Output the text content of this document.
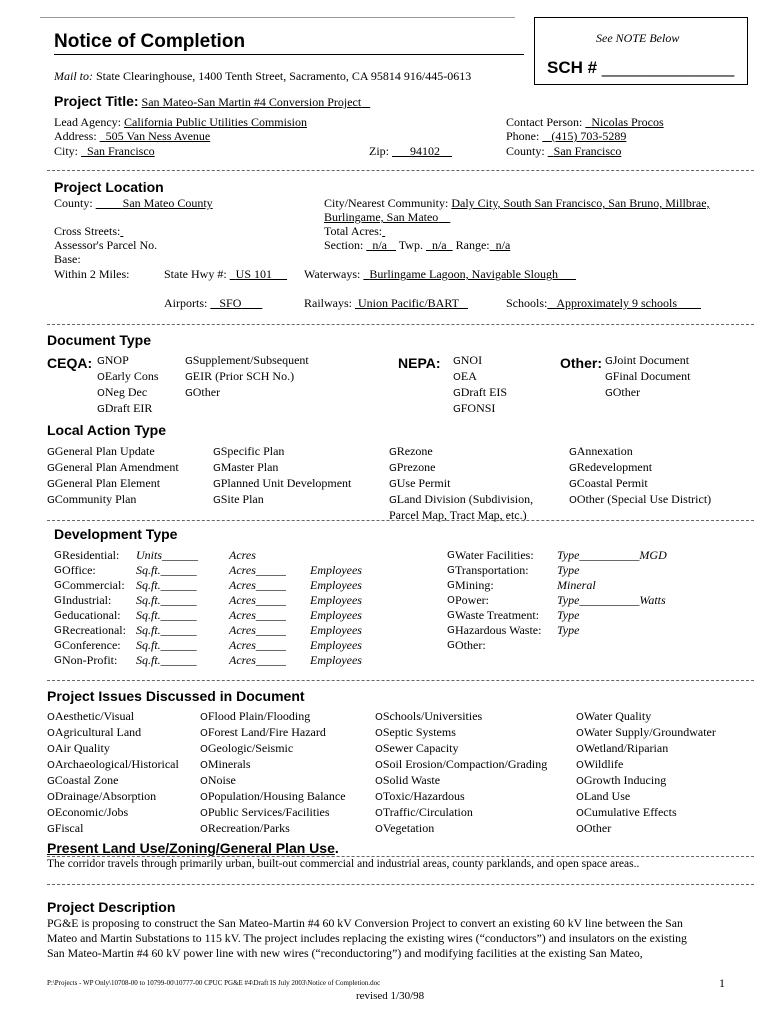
See NOTE Below
SCH # ______________
Notice of Completion
Mail to: State Clearinghouse, 1400 Tenth Street, Sacramento, CA 95814 916/445-0613
Project Title: San Mateo-San Martin #4 Conversion Project
Lead Agency: California Public Utilities Commision
Address: 505 Van Ness Avenue
City: San Francisco	Zip: 94102
Contact Person: Nicolas Procos
Phone: (415) 703-5289
County: San Francisco
Project Location
County:	San Mateo County	City/Nearest Community: Daly City, South San Francisco, San Bruno, Millbrae,
Burlingame, San Mateo
Cross Streets:	Total Acres:
Assessor's Parcel No.	Section: n/a Twp. n/a Range: n/a
Base:
Within 2 Miles:	State Hwy #: US 101	Waterways: Burlingame Lagoon, Navigable Slough
Airports: SFO	Railways: Union Pacific/BART	Schools: Approximately 9 schools
Document Type
CEQA: GNOP
OEarly Cons
ONeg Dec
GDraft EIR
GSupplement/Subsequent
GEIR (Prior SCH No.)
GOther
NEPA: GNOI
OEA
GDraft EIS
GFONSI
Other: GJoint Document
GFinal Document
GOther
Local Action Type
GGeneral Plan Update
GGeneral Plan Amendment
GGeneral Plan Element
GCommunity Plan
GSpecific Plan
GMaster Plan
GPlanned Unit Development
GSite Plan
GRezone
GPrezone
GUse Permit
GLand Division (Subdivision,
Parcel Map, Tract Map, etc.)
GAnnexation
GRedevelopment
GCoastal Permit
OOther (Special Use District)
Development Type
G Residential: Units______	Acres
G Office:	Sq.ft.______	Acres_____ Employees
G Commercial: Sq.ft.______	Acres_____ Employees
G Industrial: Sq.ft.______	Acres_____ Employees
G educational: Sq.ft.______	Acres_____ Employees
G Recreational: Sq.ft.______	Acres_____ Employees
G Conference: Sq.ft.______	Acres_____ Employees
G Non-Profit: Sq.ft.______	Acres_____ Employees
G Water Facilities: Type__________MGD
G Transportation: Type
G Mining:	Mineral
O Power:	Type__________Watts
G Waste Treatment: Type
G Hazardous Waste: Type
G Other:
Project Issues Discussed in Document
OAesthetic/Visual
OAgricultural Land
OAir Quality
OArchaeological/Historical
GCoastal Zone
ODrainage/Absorption
OEconomic/Jobs
GFiscal
OFlood Plain/Flooding
OForest Land/Fire Hazard
OGeologic/Seismic
OMinerals
ONoise
OPopulation/Housing Balance
OPublic Services/Facilities
ORecreation/Parks
OSchools/Universities
OSeptic Systems
OSewer Capacity
OSoil Erosion/Compaction/Grading
OSolid Waste
OToxic/Hazardous
OTraffic/Circulation
OVegetation
OWater Quality
OWater Supply/Groundwater
OWetland/Riparian
OWildlife
OGrowth Inducing
OLand Use
OCumulative Effects
OOther
Present Land Use/Zoning/General Plan Use.
The corridor travels through primarily urban, built-out commercial and industrial areas, county parklands, and open space areas..
Project Description
PG&E is proposing to construct the San Mateo-Martin #4 60 kV Conversion Project to convert an existing 60 kV line between the San
Mateo and Martin Substations to 115 kV. The project includes replacing the existing wires (“conductors”) and insulators on the existing
San Mateo-Martin #4 60 kV power line with new wires (“reconductoring”) and modifying facilities at the existing San Mateo,
P:\Projects - WP Only\10708-00 to 10799-00\10777-00 CPUC PG&E #4\Draft IS July 2003\Notice of Completion.doc	1
revised 1/30/98
